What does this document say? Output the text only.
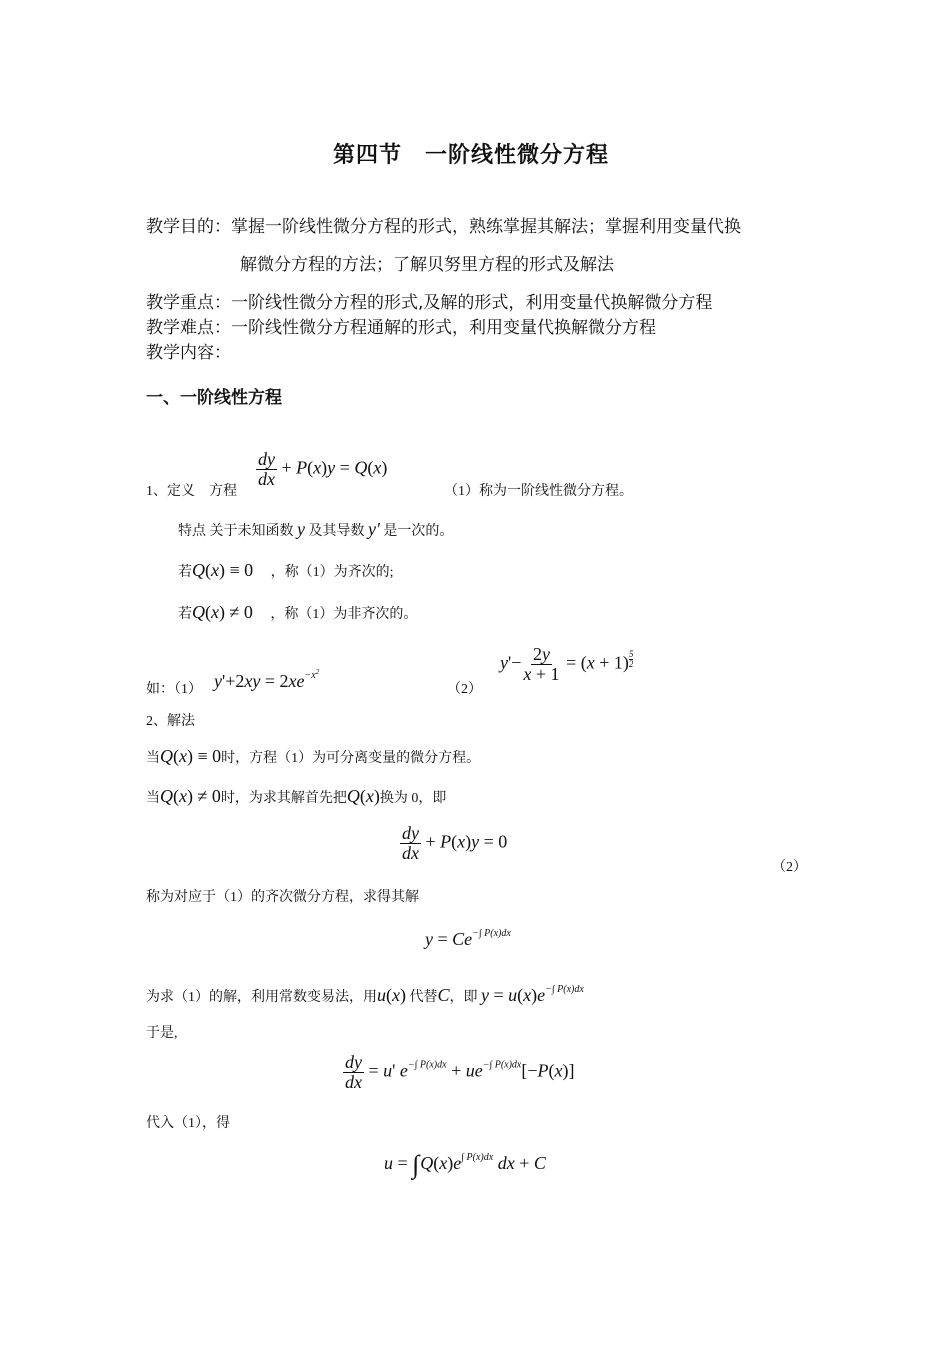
第四节　一阶线性微分方程
教学目的： 掌握一阶线性微分方程的形式，熟练掌握其解法；掌握利用变量代换
解微分方程的方法；了解贝努里方程的形式及解法
教学重点：一阶线性微分方程的形式,及解的形式，利用变量代换解微分方程
教学难点：一阶线性微分方程通解的形式，利用变量代换解微分方程
教学内容：
一、一阶线性方程
1、定义　方程
$\frac{dy}{dx} + P(x)y = Q(x)$
（1）称为一阶线性微分方程。
特点 关于未知函数 y 及其导数 y' 是一次的。
若Q(x) ≡ 0 ，称（1）为齐次的;
若Q(x) ≠ 0 ，称（1）为非齐次的。
如：（1） $y'+2xy = 2xe^{-x^2}$
（2）
$y'- \frac{2y}{x + 1} = (x + 1) \frac{5}{2}$
2、解法
当Q(x) ≡ 0时，方程（1）为可分离变量的微分方程。
当Q(x) ≠ 0时，为求其解首先把Q(x)换为 0，即
$\frac{dy}{dx} + P(x)y = 0$
（2）
称为对应于（1）的齐次微分方程，求得其解
$y = Ce^{-\int P(x)dx}$
为求（1）的解，利用常数变易法，用u(x) 代替C，即 $y = u(x)e^{-\int P(x)dx}$
于是,
$\frac{dy}{dx} = u'$ $e^{-\int P(x)dx} + ue^{-\int P(x)dx}[-P(x)]$
代入（1），得
$u = \int Q(x)e^{\int P(x)dx}$ dx + C
